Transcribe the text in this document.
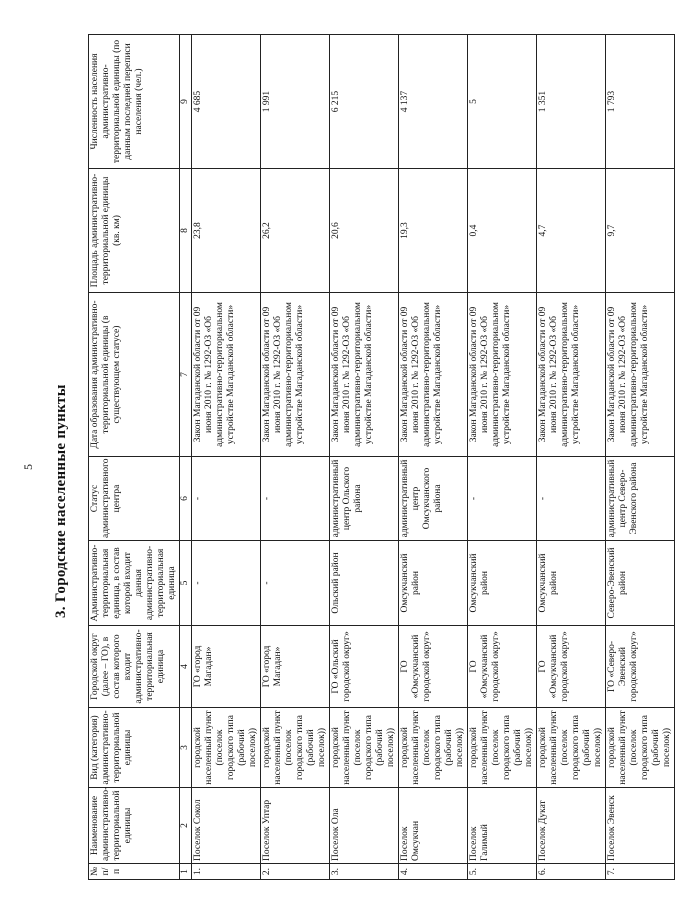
5 3. Городские населенные пункты
№ п/п	Наименование административно-территориальной единицы	Вид (категория) административно-территориальной единицы	Городской округ (далее – ГО), в состав которого входит административно-территориальная единица	Административно-территориальная единица, в состав которой входит данная административно-территориальная единица	Статус административного центра	Дата образования административно-территориальной единицы (в существующем статусе)	Площадь административно-территориальной единицы (кв. км)	Численность населения административно-территориальной единицы (по данным последней переписи населения (чел.)
1	2	3	4	5	6	7	8	9
1.	Поселок Сокол	городской населенный пункт (поселок городского типа (рабочий поселок))	ГО «город Магадан»	-	-	Закон Магаданской области от 09 июня 2010 г. № 1292-ОЗ «Об административно-территориальном устройстве Магаданской области»	23,8	4 685
2.	Поселок Уптар	городской населенный пункт (поселок городского типа (рабочий поселок))	ГО «город Магадан»	-	-	Закон Магаданской области от 09 июня 2010 г. № 1292-ОЗ «Об административно-территориальном устройстве Магаданской области»	26,2	1 991
3.	Поселок Ола	городской населенный пункт (поселок городского типа (рабочий поселок))	ГО «Ольский городской округ»	Ольский район	административный центр Ольского района	Закон Магаданской области от 09 июня 2010 г. № 1292-ОЗ «Об административно-территориальном устройстве Магаданской области»	20,6	6 215
4.	Поселок Омсукчан	городской населенный пункт (поселок городского типа (рабочий поселок))	ГО «Омсукчанский городской округ»	Омсукчанский район	административный центр Омсукчанского района	Закон Магаданской области от 09 июня 2010 г. № 1292-ОЗ «Об административно-территориальном устройстве Магаданской области»	19,3	4 137
5.	Поселок Галимый	городской населенный пункт (поселок городского типа (рабочий поселок))	ГО «Омсукчанский городской округ»	Омсукчанский район	-	Закон Магаданской области от 09 июня 2010 г. № 1292-ОЗ «Об административно-территориальном устройстве Магаданской области»	0,4	5
6.	Поселок Дукат	городской населенный пункт (поселок городского типа (рабочий поселок))	ГО «Омсукчанский городской округ»	Омсукчанский район	-	Закон Магаданской области от 09 июня 2010 г. № 1292-ОЗ «Об административно-территориальном устройстве Магаданской области»	4,7	1 351
7.	Поселок Эвенск	городской населенный пункт (поселок городского типа (рабочий поселок))	ГО «Северо-Эвенский городской округ»	Северо-Эвенский район	административный центр Северо-Эвенского района	Закон Магаданской области от 09 июня 2010 г. № 1292-ОЗ «Об административно-территориальном устройстве Магаданской области»	9,7	1 793
